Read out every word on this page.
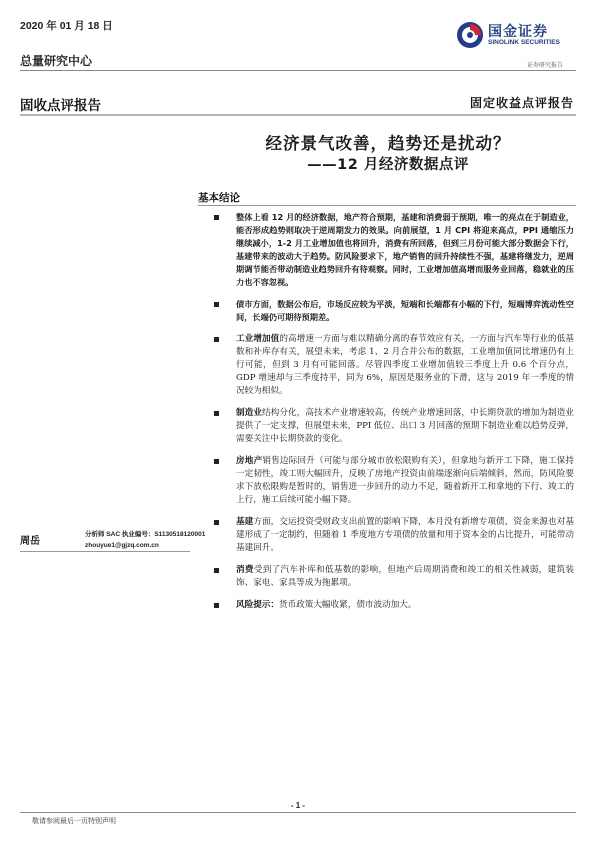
2020 年 01 月 18 日
总量研究中心
国金证券
SINOLINK SECURITIES
证券研究报告
固收点评报告	固定收益点评报告
经济景气改善，趋势还是扰动？
——12 月经济数据点评
基本结论
整体上看 12 月的经济数据，地产符合预期，基建和消费弱于预期，唯一的亮点在于制造业，能否形成趋势则取决于逆周期发力的效果。向前展望，1 月 CPI 将迎来高点，PPI 通缩压力继续减小，1-2 月工业增加值也将回升，消费有所回落，但到三月份可能大部分数据会下行，基建带来的波动大于趋势。防风险要求下，地产销售的回升持续性不强，基建将继发力，逆周期调节能否带动制造业趋势回升有待观察。同时，工业增加值高增而服务业回落，稳就业的压力也不容忽视。
债市方面，数据公布后，市场反应较为平淡，短端和长端都有小幅的下行，短端博弈流动性空间，长端仍可期待预期差。
工业增加值的高增速一方面与难以精确分离的春节效应有关，一方面与汽车等行业的低基数和补库存有关，展望未来，考虑 1、2 月合并公布的数据，工业增加值同比增速仍有上行可能，但到 3 月有可能回落。尽管四季度工业增加值较三季度上升 0.6 个百分点，GDP 增速却与三季度持平，同为 6%，原因是服务业的下滑，这与 2019 年一季度的情况较为相似。
制造业结构分化，高技术产业增速较高，传统产业增速回落，中长期贷款的增加为制造业提供了一定支撑，但展望未来，PPI 低位、出口 3 月回落的预期下制造业难以趋势反弹，需要关注中长期贷款的变化。
房地产销售边际回升（可能与部分城市放松限购有关），但拿地与新开工下降，施工保持一定韧性，竣工则大幅回升，反映了房地产投资由前端逐渐向后端倾斜，然而，防风险要求下放松限购是暂时的，销售进一步回升的动力不足，随着新开工和拿地的下行、竣工的上行，施工后续可能小幅下降。
基建方面，交运投资受财政支出前置的影响下降，本月没有新增专项债，资金来源也对基建形成了一定制约，但随着 1 季度地方专项债的放量和用于资本金的占比提升，可能带动基建回升。
消费受到了汽车补库和低基数的影响，但地产后周期消费和竣工的相关性减弱，建筑装饰、家电、家具等成为拖累项。
风险提示：货币政策大幅收紧，债市波动加大。
周岳
分析师 SAC 执业编号：S1130518120001
zhouyue1@gjzq.com.cn
- 1 -
敬请参阅最后一页特别声明
